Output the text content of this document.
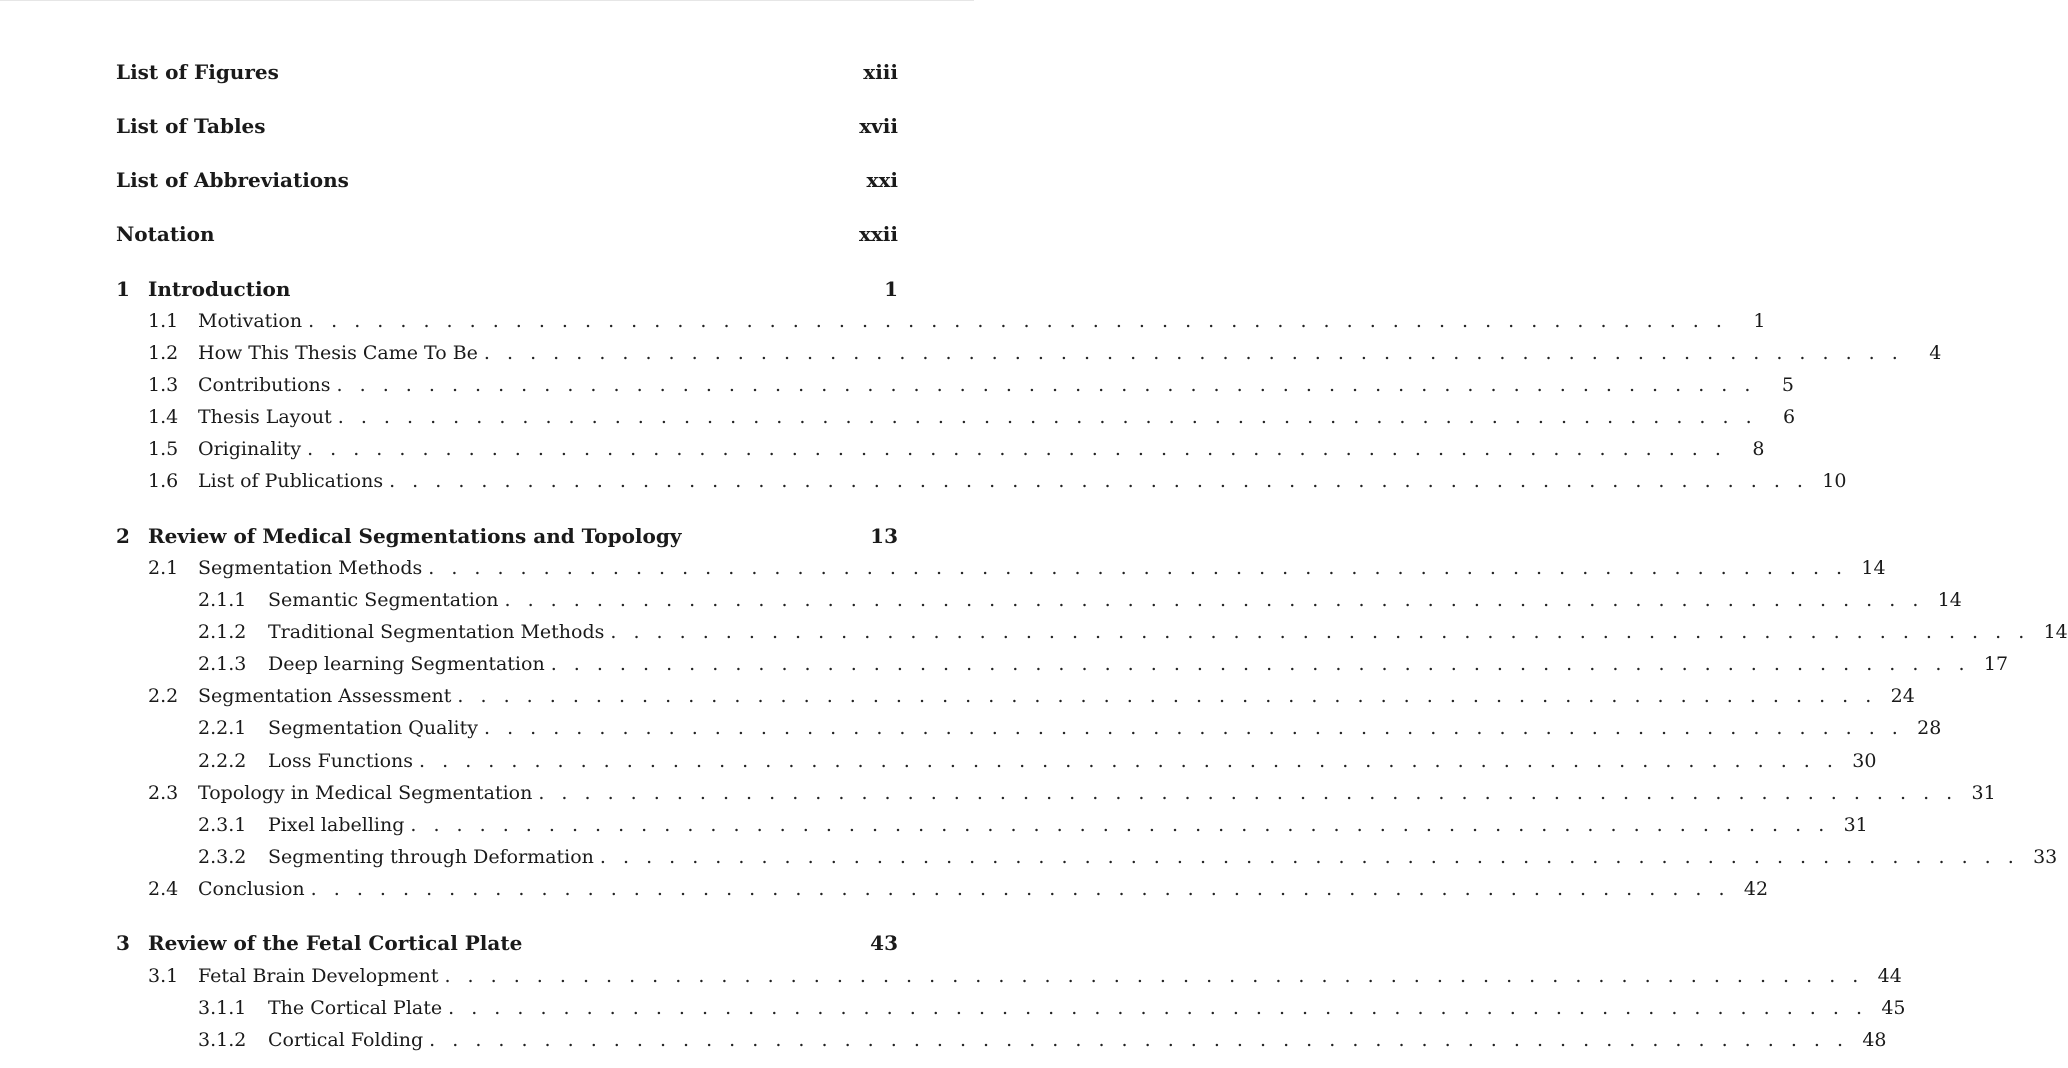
List of Figures	xiii
List of Tables	xvii
List of Abbreviations	xxi
Notation	xxii
1 Introduction	1
1.1	Motivation . . . . . . . . . . . . . . . . . . . . . . . . . . . . . . . . . . . . . . . . . . . . . . . . . . . . . . . . . . . . . .	1
1.2	How This Thesis Came To Be . . . . . . . . . . . . . . . . . . . . . . . . . . . . . . . . . . . . . . . . . . . . . . . . . . . . . . . . . . . . . .	4
1.3	Contributions . . . . . . . . . . . . . . . . . . . . . . . . . . . . . . . . . . . . . . . . . . . . . . . . . . . . . . . . . . . . . .	5
1.4	Thesis Layout . . . . . . . . . . . . . . . . . . . . . . . . . . . . . . . . . . . . . . . . . . . . . . . . . . . . . . . . . . . . . .	6
1.5	Originality . . . . . . . . . . . . . . . . . . . . . . . . . . . . . . . . . . . . . . . . . . . . . . . . . . . . . . . . . . . . . .	8
1.6	List of Publications . . . . . . . . . . . . . . . . . . . . . . . . . . . . . . . . . . . . . . . . . . . . . . . . . . . . . . . . . . . . . . 10
2 Review of Medical Segmentations and Topology	13
2.1	Segmentation Methods . . . . . . . . . . . . . . . . . . . . . . . . . . . . . . . . . . . . . . . . . . . . . . . . . . . . . . . . . . . . . . 14
2.1.1	Semantic Segmentation . . . . . . . . . . . . . . . . . . . . . . . . . . . . . . . . . . . . . . . . . . . . . . . . . . . . . . . . . . . . . . 14
2.1.2	Traditional Segmentation Methods . . . . . . . . . . . . . . . . . . . . . . . . . . . . . . . . . . . . . . . . . . . . . . . . . . . . . . . . . . . . . . 14
2.1.3	Deep learning Segmentation . . . . . . . . . . . . . . . . . . . . . . . . . . . . . . . . . . . . . . . . . . . . . . . . . . . . . . . . . . . . . . 17
2.2	Segmentation Assessment . . . . . . . . . . . . . . . . . . . . . . . . . . . . . . . . . . . . . . . . . . . . . . . . . . . . . . . . . . . . . . 24
2.2.1	Segmentation Quality . . . . . . . . . . . . . . . . . . . . . . . . . . . . . . . . . . . . . . . . . . . . . . . . . . . . . . . . . . . . . . 28
2.2.2	Loss Functions . . . . . . . . . . . . . . . . . . . . . . . . . . . . . . . . . . . . . . . . . . . . . . . . . . . . . . . . . . . . . . 30
2.3	Topology in Medical Segmentation . . . . . . . . . . . . . . . . . . . . . . . . . . . . . . . . . . . . . . . . . . . . . . . . . . . . . . . . . . . . . . 31
2.3.1	Pixel labelling . . . . . . . . . . . . . . . . . . . . . . . . . . . . . . . . . . . . . . . . . . . . . . . . . . . . . . . . . . . . . . 31
2.3.2	Segmenting through Deformation . . . . . . . . . . . . . . . . . . . . . . . . . . . . . . . . . . . . . . . . . . . . . . . . . . . . . . . . . . . . . . 33
2.4	Conclusion . . . . . . . . . . . . . . . . . . . . . . . . . . . . . . . . . . . . . . . . . . . . . . . . . . . . . . . . . . . . . . 42
3 Review of the Fetal Cortical Plate	43
3.1	Fetal Brain Development . . . . . . . . . . . . . . . . . . . . . . . . . . . . . . . . . . . . . . . . . . . . . . . . . . . . . . . . . . . . . . 44
3.1.1	The Cortical Plate . . . . . . . . . . . . . . . . . . . . . . . . . . . . . . . . . . . . . . . . . . . . . . . . . . . . . . . . . . . . . . 45
3.1.2	Cortical Folding . . . . . . . . . . . . . . . . . . . . . . . . . . . . . . . . . . . . . . . . . . . . . . . . . . . . . . . . . . . . . . 48
